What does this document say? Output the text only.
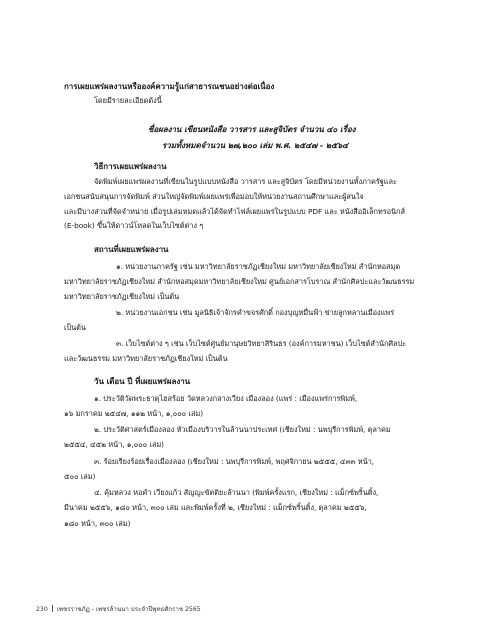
การเผยแพร่ผลงานหรือองค์ความรู้แก่สาธารณชนอย่างต่อเนื่อง
โดยมีรายละเอียดดังนี้
ชื่อผลงาน เขียนหนังสือ วารสาร และสูจิบัตร จำนวน ๔๐ เรื่อง
รวมทั้งหมดจำนวน ๒๗,๒๐๐ เล่ม พ.ศ. ๒๕๔๗ - ๒๕๖๔
วิธีการเผยแพร่ผลงาน
จัดพิมพ์เผยแพร่ผลงานที่เขียนในรูปแบบหนังสือ วารสาร และสูจิบัตร โดยมีหน่วยงานทั้งภาครัฐและ
เอกชนสนับสนุนการจัดพิมพ์ ส่วนใหญ่จัดพิมพ์เผยแพร่เพื่อมอบให้หน่วยงานสถานศึกษาและผู้สนใจ
และมีบางส่วนที่จัดจำหน่าย เมื่อรูปเล่มหมดแล้วได้จัดทำไฟล์เผยแพร่ในรูปแบบ PDF และ หนังสืออิเล็กทรอนิกส์
(E-book) ขึ้นให้ดาวน์โหลดในเว็บไซต์ต่าง ๆ
สถานที่เผยแพร่ผลงาน
๑. หน่วยงานภาครัฐ เช่น มหาวิทยาลัยราชภัฏเชียงใหม่ มหาวิทยาลัยเชียงใหม่ สำนักหอสมุด
มหาวิทยาลัยราชภัฏเชียงใหม่ สำนักหอสมุดมหาวิทยาลัยเชียงใหม่ ศูนย์เอกสารโบราณ สำนักศิลปะและวัฒนธรรม
มหาวิทยาลัยราชภัฏเชียงใหม่ เป็นต้น
๒. หน่วยงานเอกชน เช่น มูลนิธิเจ้าจักรคำขจรศักดิ์ กองบุญหมื่นฟ้า ข่ายลูกหลานเมืองแพร่
เป็นต้น
๓. เว็บไซต์ต่าง ๆ เช่น เว็บไซต์ศูนย์มานุษยวิทยาสิรินธร (องค์การมหาชน) เว็บไซต์สำนักศิลปะ
และวัฒนธรรม มหาวิทยาลัยราชภัฏเชียงใหม่ เป็นต้น
วัน เดือน ปี ที่เผยแพร่ผลงาน
๑. ประวัติวัดพระธาตุไฮสร้อย วัดหลวงกลางเวียง เมืองลอง (แพร่ : เมืองแพร่การพิมพ์,
๑๖ มกราคม ๒๕๔๗, ๑๑๒ หน้า, ๑,๐๐๐ เล่ม)
๒. ประวัติศาสตร์เมืองลอง หัวเมืองบริวารในล้านนาประเทศ (เชียงใหม่ : นพบุรีการพิมพ์, ตุลาคม
๒๕๕๔, ๔๕๒ หน้า, ๑,๐๐๐ เล่ม)
๓. ร้อยเรียงร้อยเรื่องเมืองลอง (เชียงใหม่ : นพบุรีการพิมพ์, พฤศจิกายน ๒๕๕๕, ๔๓๓ หน้า,
๕๐๐ เล่ม)
๔. คุ้มหลวง หอคำ เวียงแก้ว สัญญะขัตติยะล้านนา (พิมพ์ครั้งแรก, เชียงใหม่ : แม็กซ์พริ้นติ้ง,
มีนาคม ๒๕๕๖, ๑๘๐ หน้า, ๓๐๐ เล่ม และพิมพ์ครั้งที่ ๒, เชียงใหม่ : แม็กซ์พริ้นติ้ง, ตุลาคม ๒๕๕๖,
๑๘๐ หน้า, ๓๐๐ เล่ม)
230 เพชรราชภัฏ - เพชรล้านนา ประจำปีพุทธศักราช 2565
